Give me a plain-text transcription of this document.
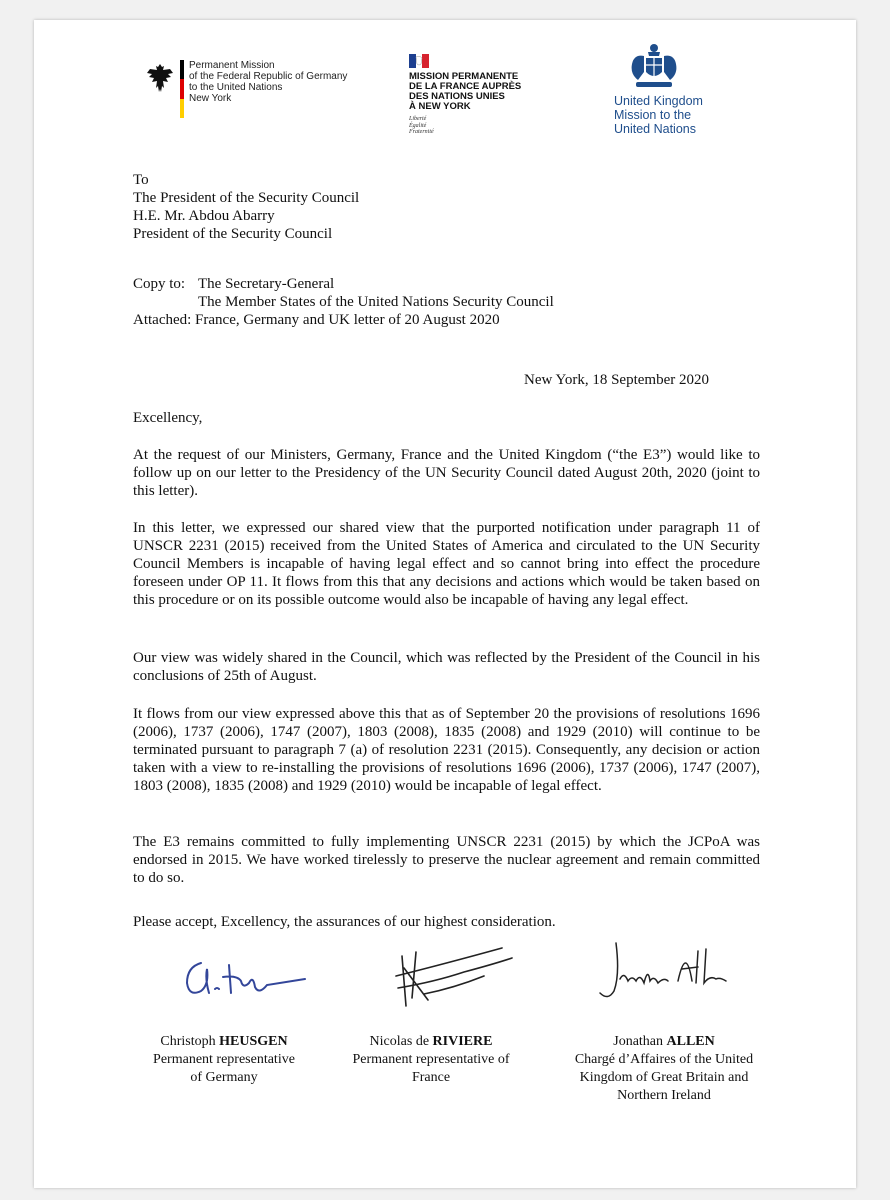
Permanent Mission
of the Federal Republic of Germany
to the United Nations
New York
MISSION PERMANENTE
DE LA FRANCE AUPRÈS
DES NATIONS UNIES
À NEW YORK
Liberté
Égalité
Fraternité
United Kingdom
Mission to the
United Nations
To
The President of the Security Council
H.E. Mr. Abdou Abarry
President of the Security Council
Copy to: The Secretary-General
The Member States of the United Nations Security Council
Attached: France, Germany and UK letter of 20 August 2020
New York, 18 September 2020
Excellency,
At the request of our Ministers, Germany, France and the United Kingdom (“the E3”) would like to follow up on our letter to the Presidency of the UN Security Council dated August 20th, 2020 (joint to this letter).
In this letter, we expressed our shared view that the purported notification under paragraph 11 of UNSCR 2231 (2015) received from the United States of America and circulated to the UN Security Council Members is incapable of having legal effect and so cannot bring into effect the procedure foreseen under OP 11. It flows from this that any decisions and actions which would be taken based on this procedure or on its possible outcome would also be incapable of having any legal effect.
Our view was widely shared in the Council, which was reflected by the President of the Council in his conclusions of 25th of August.
It flows from our view expressed above this that as of September 20 the provisions of resolutions 1696 (2006), 1737 (2006), 1747 (2007), 1803 (2008), 1835 (2008) and 1929 (2010) will continue to be terminated pursuant to paragraph 7 (a) of resolution 2231 (2015). Consequently, any decision or action taken with a view to re-installing the provisions of resolutions 1696 (2006), 1737 (2006), 1747 (2007), 1803 (2008), 1835 (2008) and 1929 (2010) would be incapable of legal effect.
The E3 remains committed to fully implementing UNSCR 2231 (2015) by which the JCPoA was endorsed in 2015. We have worked tirelessly to preserve the nuclear agreement and remain committed to do so.
Please accept, Excellency, the assurances of our highest consideration.
Christoph HEUSGEN
Permanent representative
of Germany
Nicolas de RIVIERE
Permanent representative of
France
Jonathan ALLEN
Chargé d’Affaires of the United
Kingdom of Great Britain and
Northern Ireland
